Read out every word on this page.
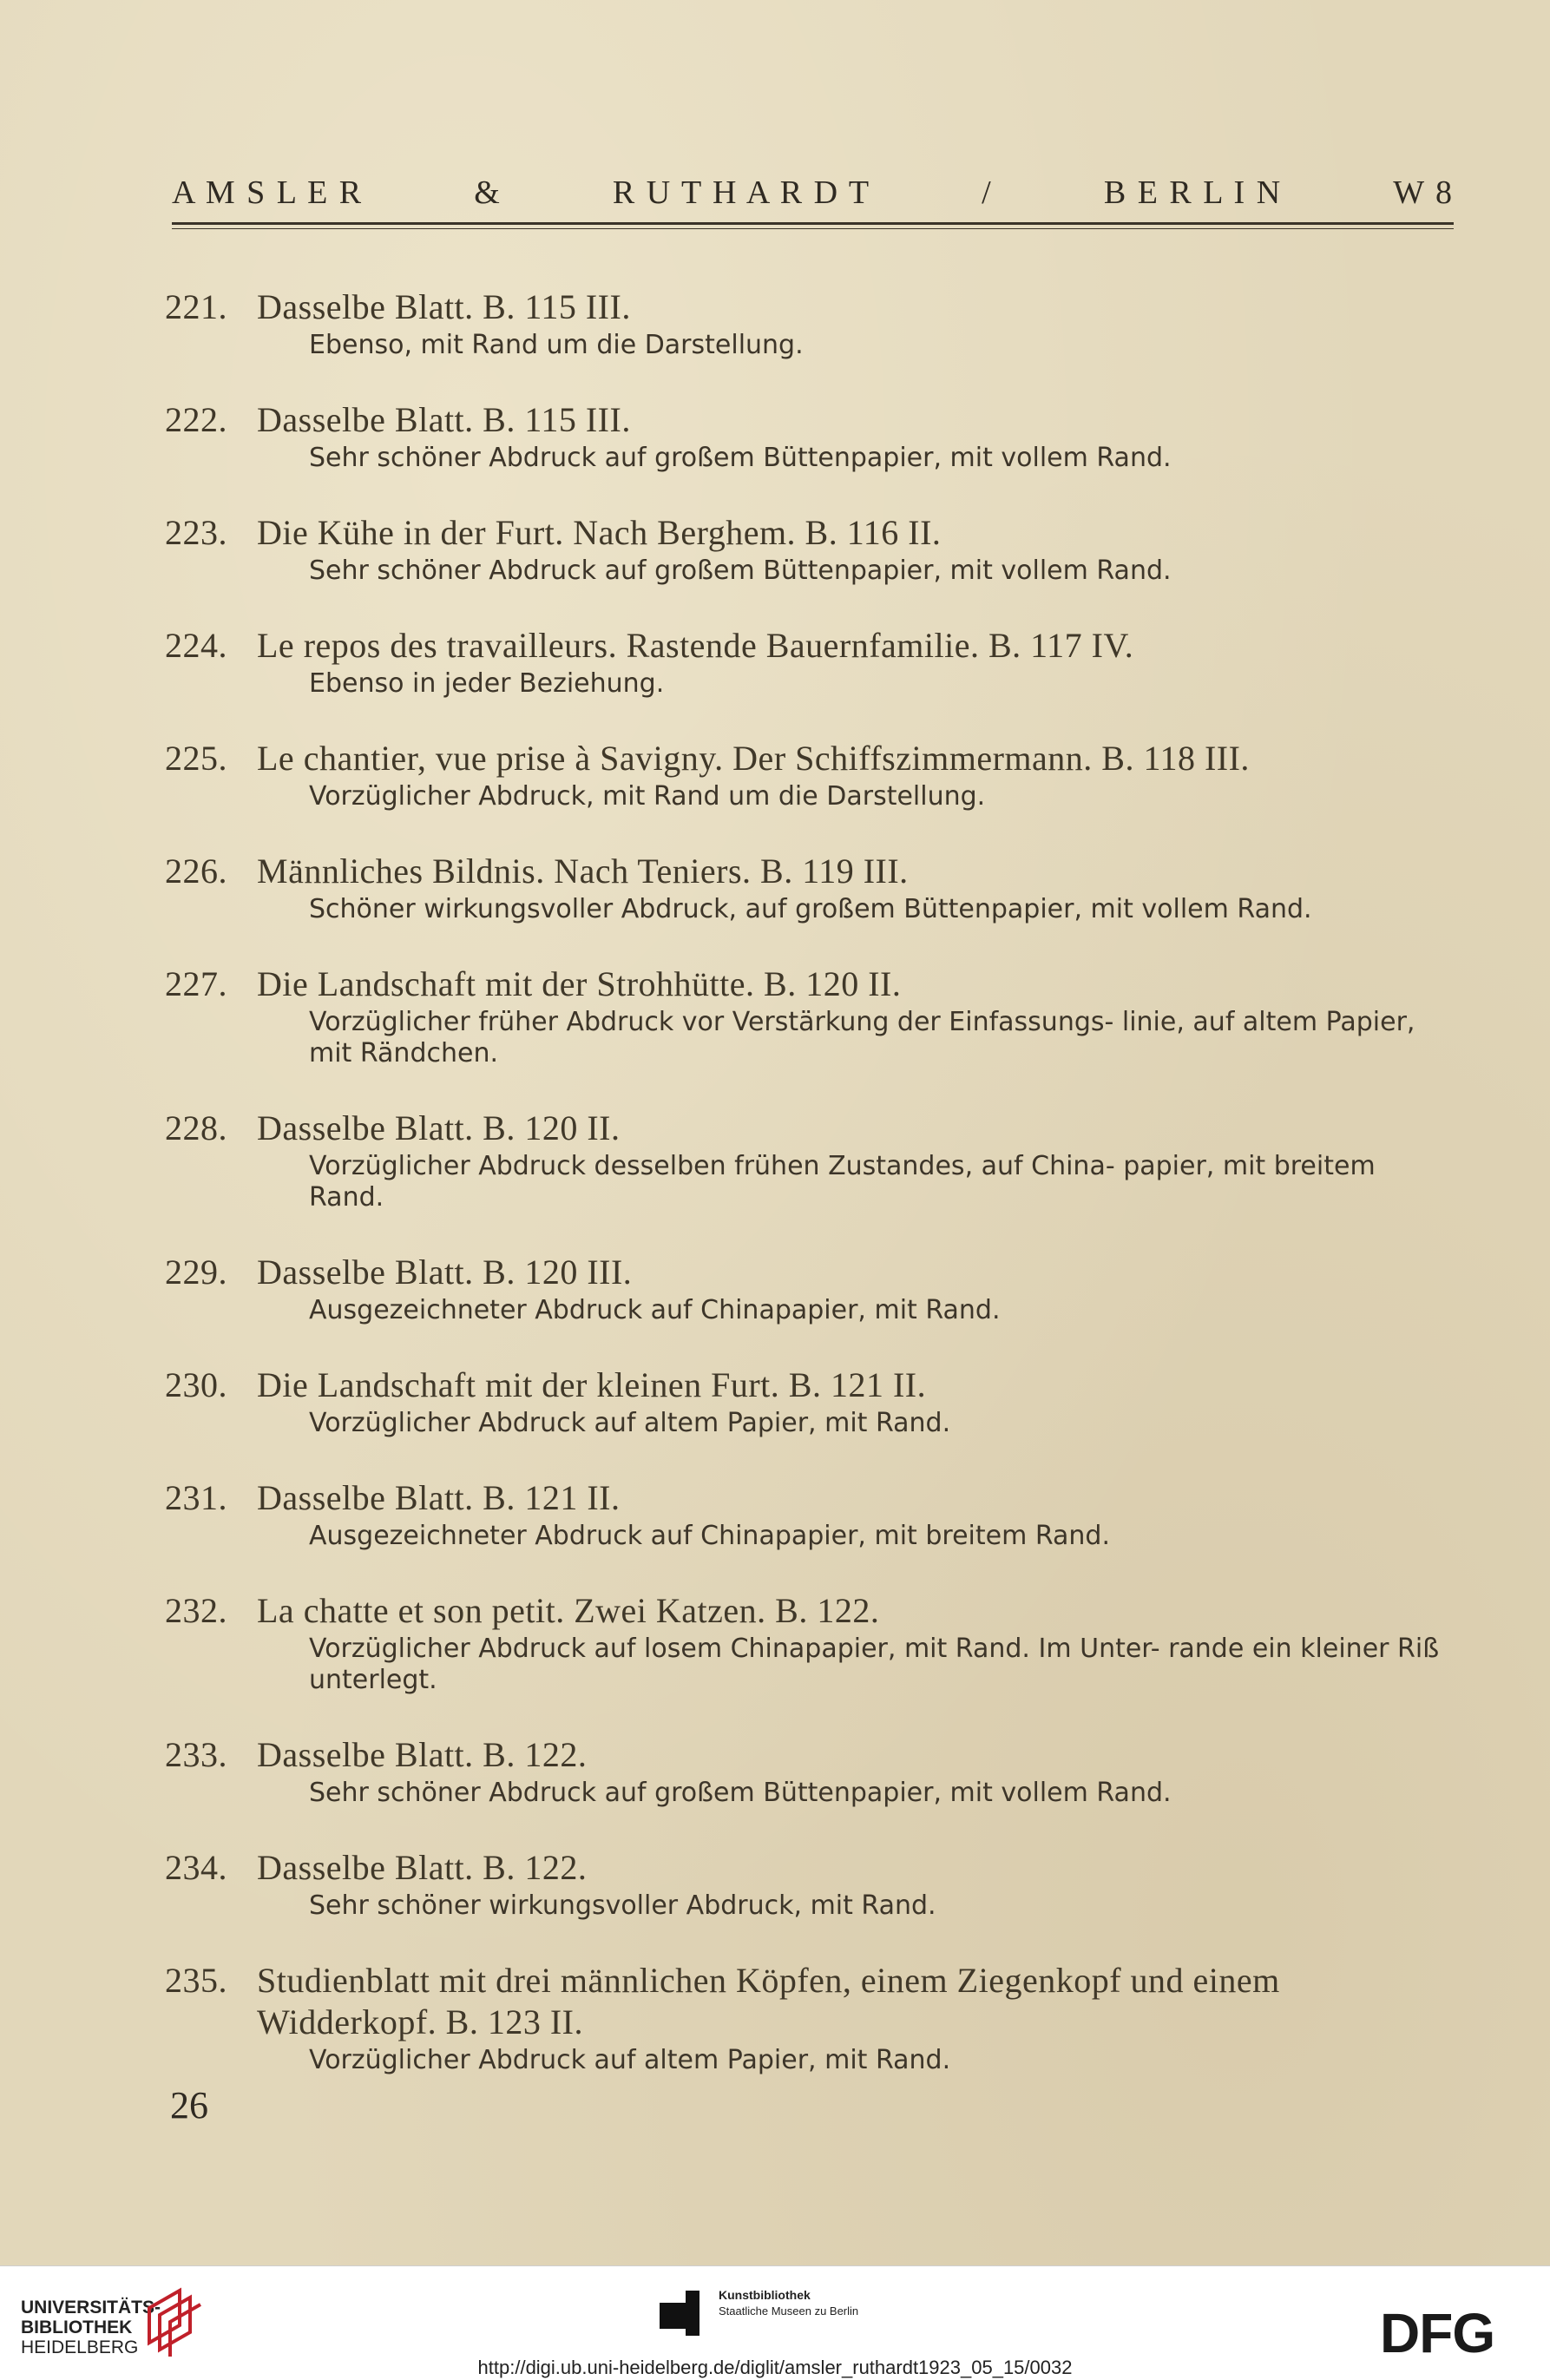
A M S L E R	&	R U T H A R D T	/	B E R L I N	W 8
221. Dasselbe Blatt. B. 115 III.
Ebenso, mit Rand um die Darstellung.
222. Dasselbe Blatt. B. 115 III.
Sehr schöner Abdruck auf großem Büttenpapier, mit vollem Rand.
223. Die Kühe in der Furt. Nach Berghem. B. 116 II.
Sehr schöner Abdruck auf großem Büttenpapier, mit vollem Rand.
224. Le repos des travailleurs. Rastende Bauernfamilie. B. 117 IV.
Ebenso in jeder Beziehung.
225. Le chantier, vue prise à Savigny. Der Schiffszimmermann. B. 118 III.
Vorzüglicher Abdruck, mit Rand um die Darstellung.
226. Männliches Bildnis. Nach Teniers. B. 119 III.
Schöner wirkungsvoller Abdruck, auf großem Büttenpapier, mit vollem Rand.
227. Die Landschaft mit der Strohhütte. B. 120 II.
Vorzüglicher früher Abdruck vor Verstärkung der Einfassungs- linie, auf altem Papier, mit Rändchen.
228. Dasselbe Blatt. B. 120 II.
Vorzüglicher Abdruck desselben frühen Zustandes, auf China- papier, mit breitem Rand.
229. Dasselbe Blatt. B. 120 III.
Ausgezeichneter Abdruck auf Chinapapier, mit Rand.
230. Die Landschaft mit der kleinen Furt. B. 121 II.
Vorzüglicher Abdruck auf altem Papier, mit Rand.
231. Dasselbe Blatt. B. 121 II.
Ausgezeichneter Abdruck auf Chinapapier, mit breitem Rand.
232. La chatte et son petit. Zwei Katzen. B. 122.
Vorzüglicher Abdruck auf losem Chinapapier, mit Rand. Im Unter- rande ein kleiner Riß unterlegt.
233. Dasselbe Blatt. B. 122.
Sehr schöner Abdruck auf großem Büttenpapier, mit vollem Rand.
234. Dasselbe Blatt. B. 122.
Sehr schöner wirkungsvoller Abdruck, mit Rand.
235. Studienblatt mit drei männlichen Köpfen, einem Ziegenkopf und einem Widderkopf. B. 123 II.
Vorzüglicher Abdruck auf altem Papier, mit Rand.
26
UNIVERSITÄTS-
BIBLIOTHEK
HEIDELBERG
Kunstbibliothek
Staatliche Museen zu Berlin	DFG
http://digi.ub.uni-heidelberg.de/diglit/amsler_ruthardt1923_05_15/0032
